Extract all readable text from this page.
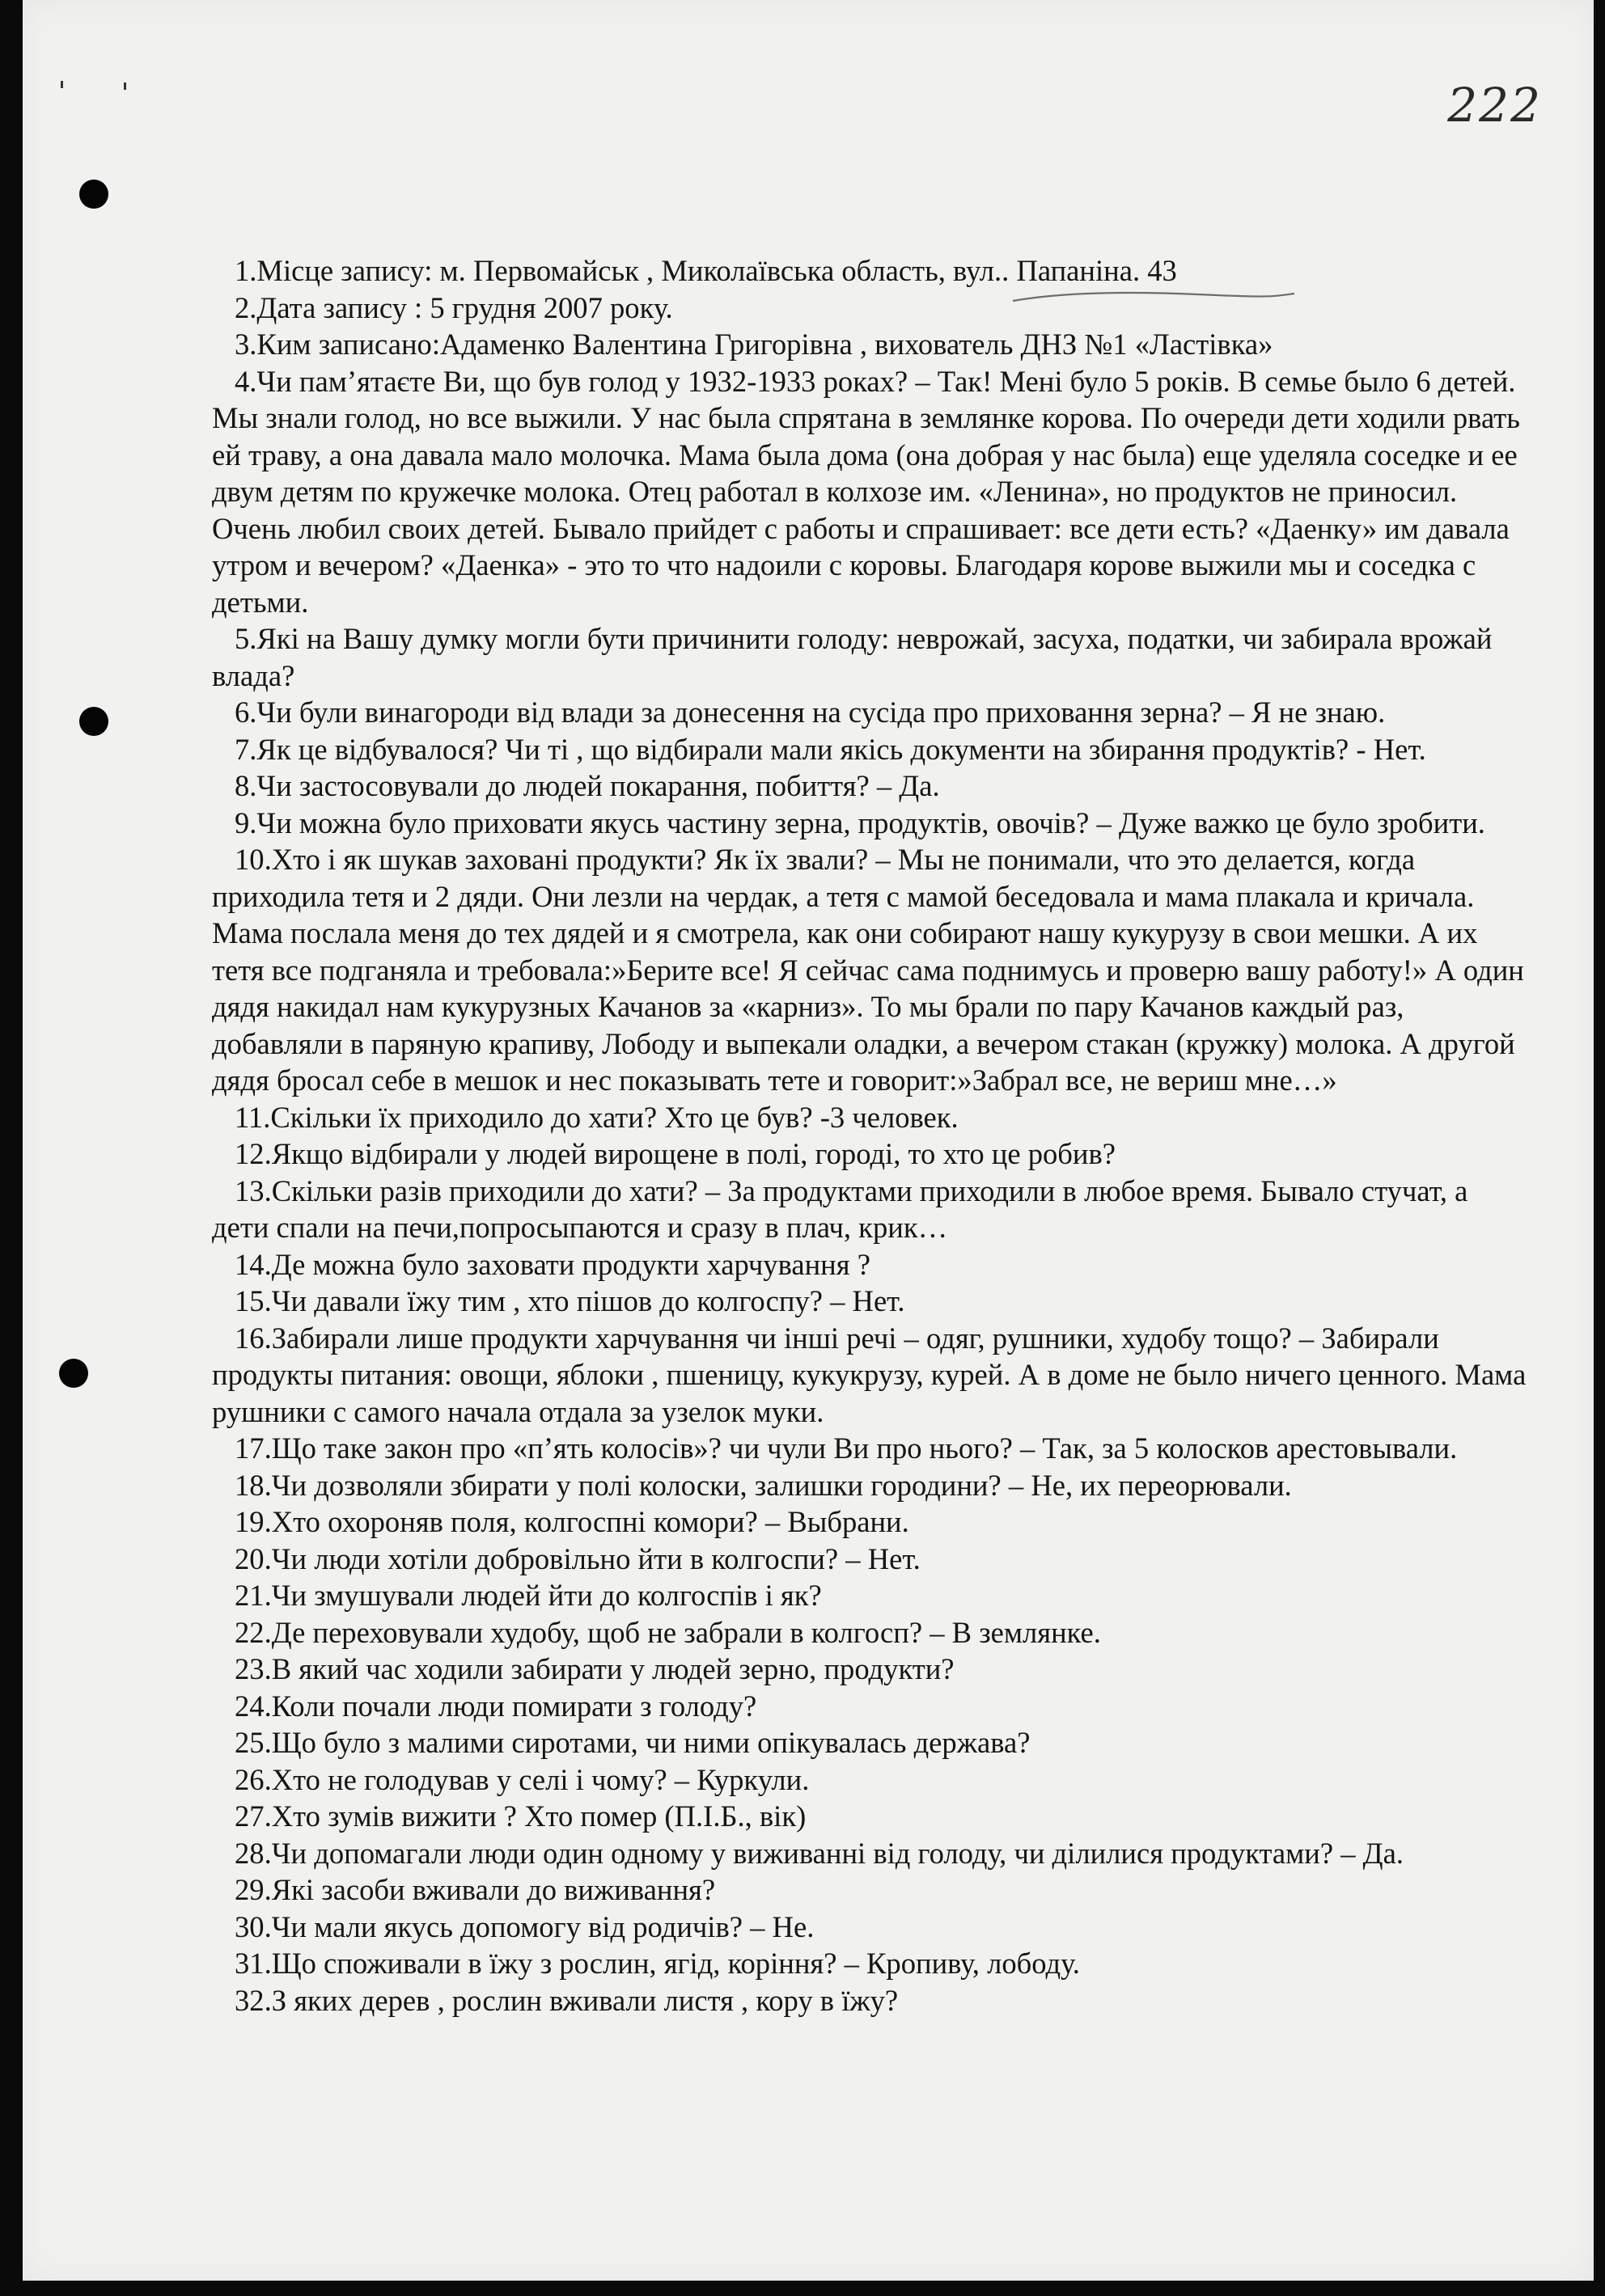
222

1.Місце запису: м. Первомайськ , Миколаївська область, вул.. Папаніна. 43

2.Дата запису : 5 грудня 2007 року.

3.Ким записано:Адаменко Валентина Григорівна , вихователь ДНЗ №1 «Ластівка»

4.Чи пам’ятаєте Ви, що був голод у 1932-1933 роках? – Так! Мені було 5 років. В семье было 6 детей. Мы знали голод, но все выжили. У нас была спрятана в землянке корова. По очереди дети ходили рвать ей траву, а она давала мало молочка. Мама была дома (она добрая у нас была) еще уделяла соседке и ее двум детям по кружечке молока. Отец работал в колхозе им. «Ленина», но продуктов не приносил. Очень любил своих детей. Бывало прийдет с работы и спрашивает: все дети есть? «Даенку» им давала утром и вечером? «Даенка» - это то что надоили с коровы. Благодаря корове выжили мы и соседка с детьми.

5.Які на Вашу думку могли бути причинити голоду: неврожай, засуха, податки, чи забирала врожай влада?

6.Чи були винагороди від влади за донесення на сусіда про приховання зерна? – Я не знаю.

7.Як це відбувалося? Чи ті , що відбирали мали якісь документи на збирання продуктів? - Нет.

8.Чи застосовували до людей покарання, побиття? – Да.

9.Чи можна було приховати якусь частину зерна, продуктів, овочів? – Дуже важко це було зробити.

10.Хто і як шукав заховані продукти? Як їх звали? – Мы не понимали, что это делается, когда приходила тетя и 2 дяди. Они лезли на чердак, а тетя с мамой беседовала и мама плакала и кричала. Мама послала меня до тех дядей и я смотрела, как они собирают нашу кукурузу в свои мешки. А их тетя все подганяла и требовала:»Берите все! Я сейчас сама поднимусь и проверю вашу работу!» А один дядя накидал нам кукурузных Качанов за «карниз». То мы брали по пару Качанов каждый раз, добавляли в паряную крапиву, Лободу и выпекали оладки, а вечером стакан (кружку) молока. А другой дядя бросал себе в мешок и нес показывать тете и говорит:»Забрал все, не вериш мне…»

11.Скільки їх приходило до хати? Хто це був? -3 человек.

12.Якщо відбирали у людей вирощене в полі, городі, то хто це робив?

13.Скільки разів приходили до хати? – За продуктами приходили в любое время. Бывало стучат, а дети спали на печи,попросыпаются и сразу в плач, крик…

14.Де можна було заховати продукти харчування ?

15.Чи давали їжу тим , хто пішов до колгоспу? – Нет.

16.Забирали лише продукти харчування чи інші речі – одяг, рушники, худобу тощо? – Забирали продукты питания: овощи, яблоки , пшеницу, кукукрузу, курей. А в доме не было ничего ценного. Мама рушники с самого начала отдала за узелок муки.

17.Що таке закон про «п’ять колосів»? чи чули Ви про нього? – Так, за 5 колосков арестовывали.

18.Чи дозволяли збирати у полі колоски, залишки городини? – Не, их переорювали.

19.Хто охороняв поля, колгоспні комори? – Выбрани.

20.Чи люди хотіли добровільно йти в колгоспи? – Нет.

21.Чи змушували людей йти до колгоспів і як?

22.Де переховували худобу, щоб не забрали в колгосп? – В землянке.

23.В який час ходили забирати у людей зерно, продукти?

24.Коли почали люди помирати з голоду?

25.Що було з малими сиротами, чи ними опікувалась держава?

26.Хто не голодував у селі і чому? – Куркули.

27.Хто зумів вижити ? Хто помер (П.І.Б., вік)

28.Чи допомагали люди один одному у виживанні від голоду, чи ділилися продуктами? – Да.

29.Які засоби вживали до виживання?

30.Чи мали якусь допомогу від родичів? – Не.

31.Що споживали в їжу з рослин, ягід, коріння? – Кропиву, лободу.

32.З яких дерев , рослин вживали листя , кору в їжу?
